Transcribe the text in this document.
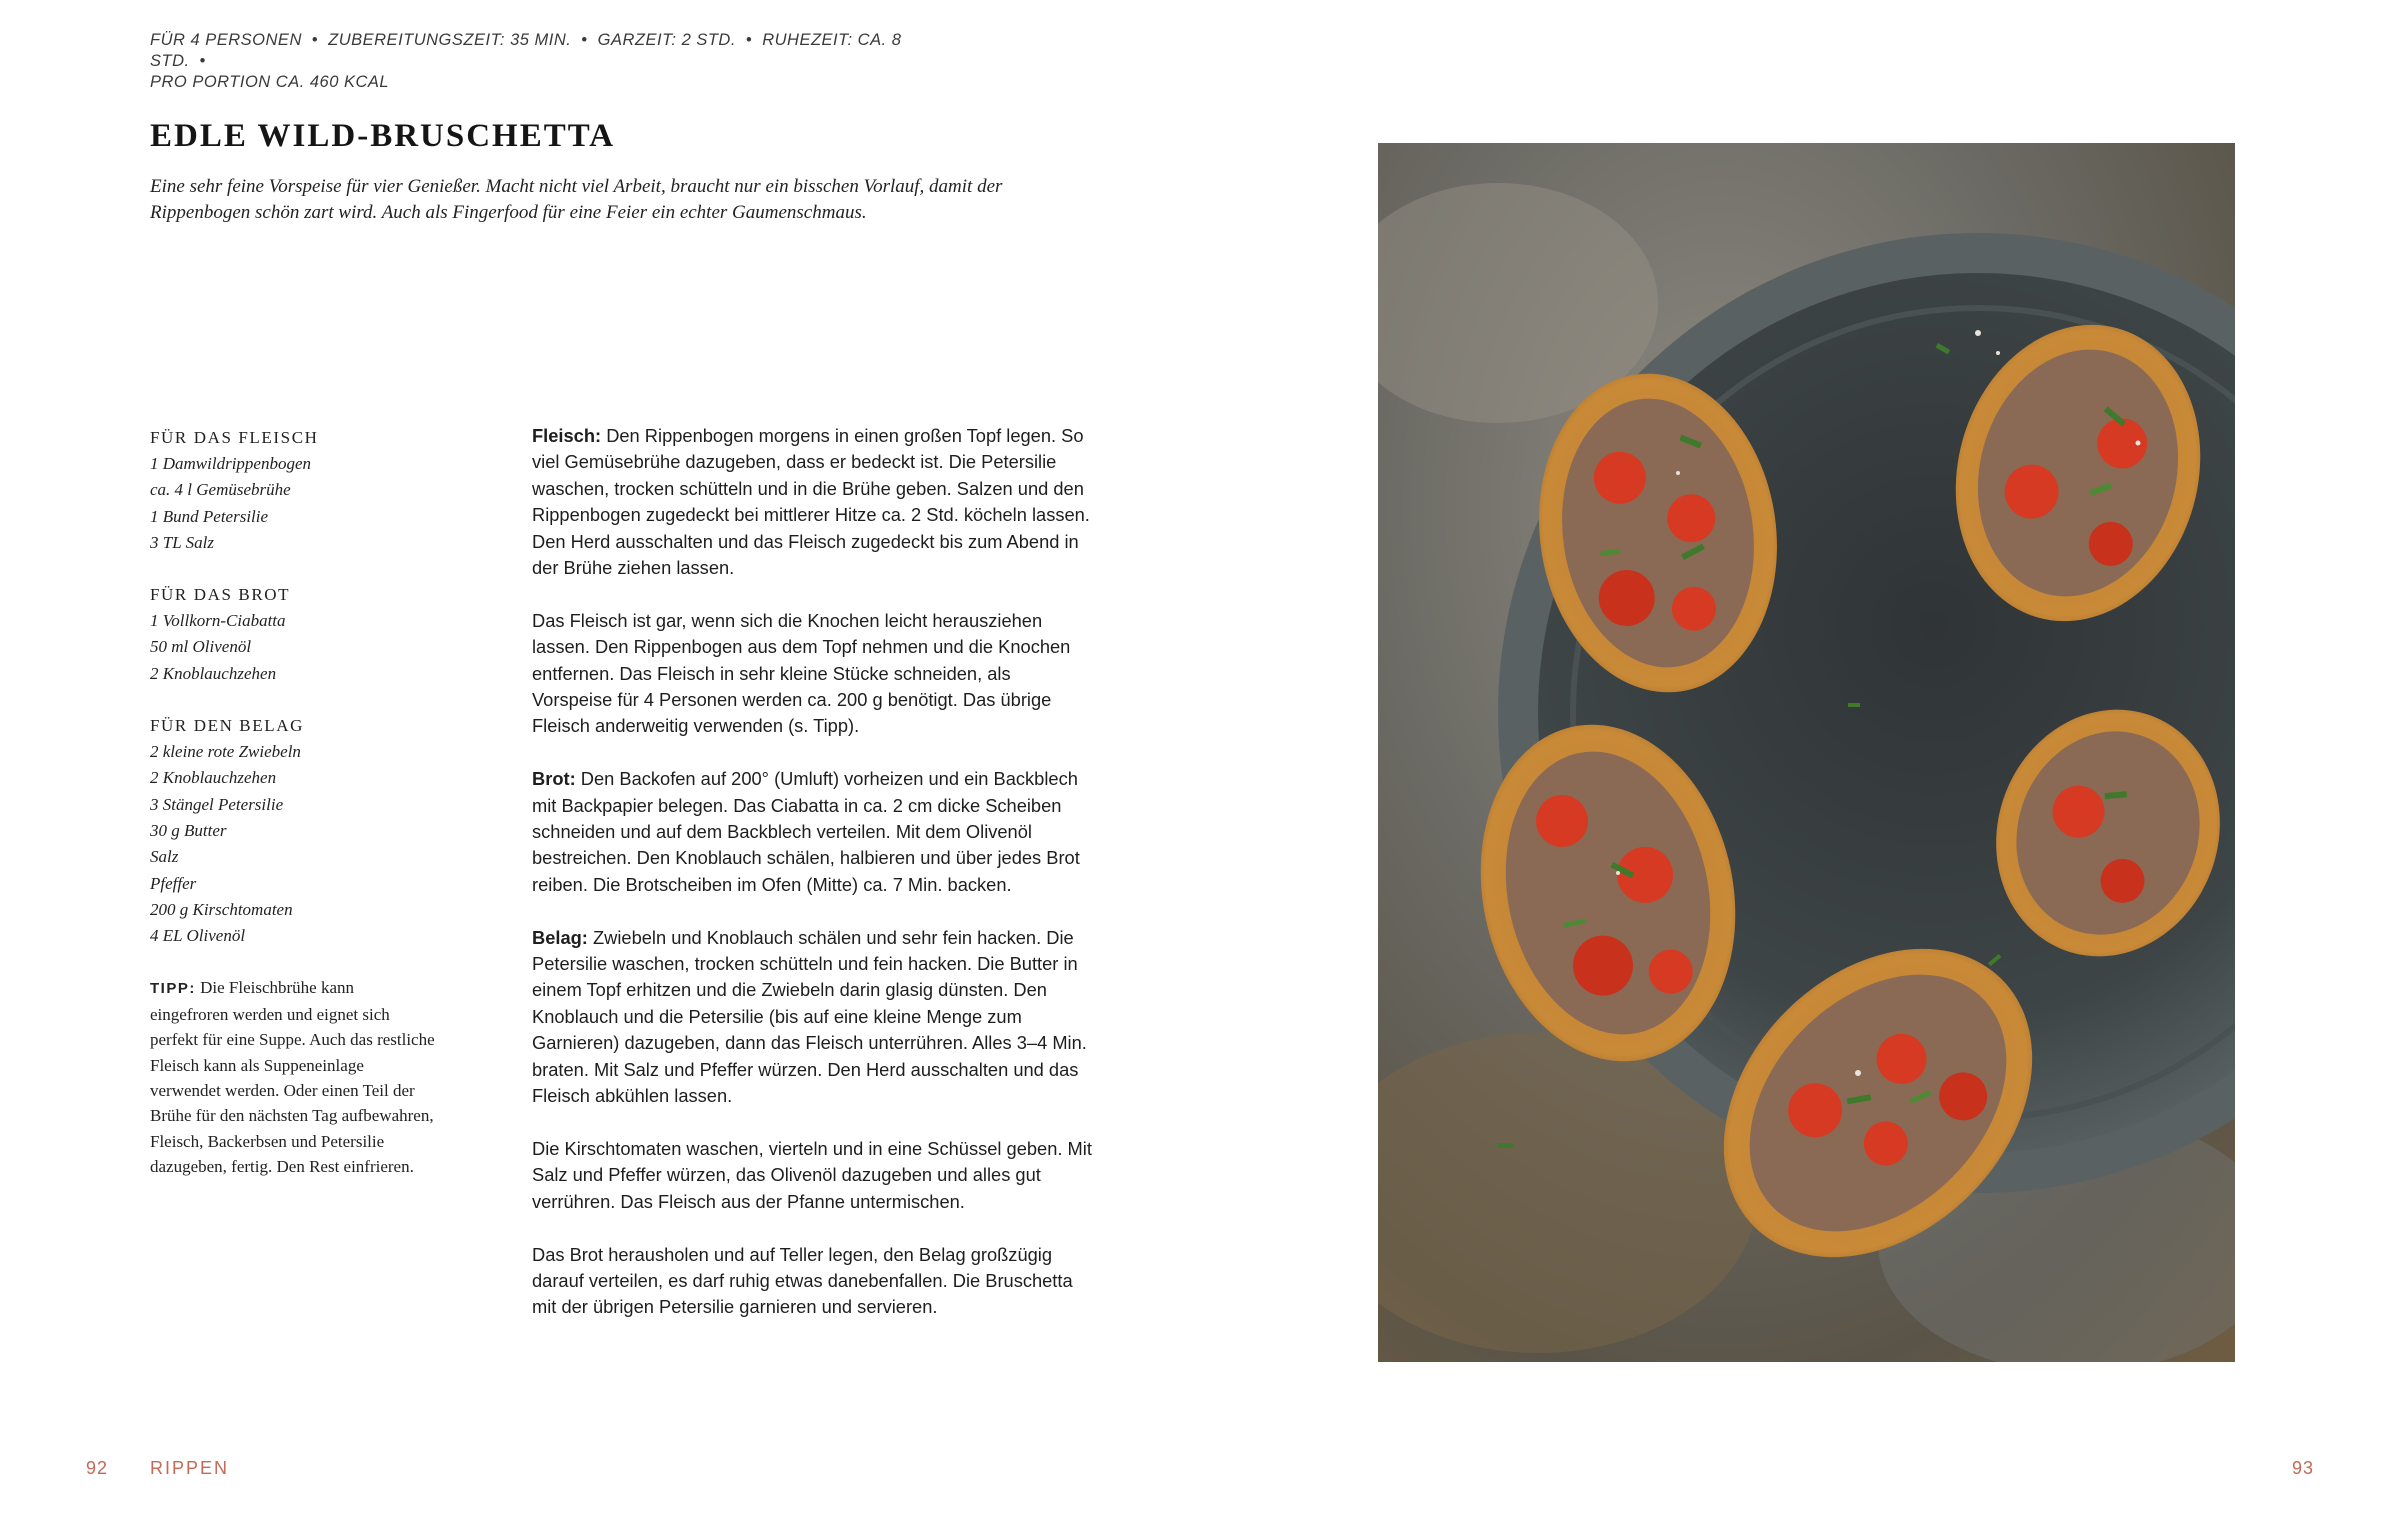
FÜR 4 PERSONEN • ZUBEREITUNGSZEIT: 35 MIN. • GARZEIT: 2 STD. • RUHEZEIT: CA. 8 STD. •
PRO PORTION CA. 460 KCAL
EDLE WILD-BRUSCHETTA

Eine sehr feine Vorspeise für vier Genießer. Macht nicht viel Arbeit, braucht nur ein bisschen Vorlauf, damit der Rippenbogen schön zart wird. Auch als Fingerfood für eine Feier ein echter Gaumenschmaus.

FÜR DAS FLEISCH
1 Damwildrippenbogen
ca. 4 l Gemüsebrühe
1 Bund Petersilie
3 TL Salz
FÜR DAS BROT
1 Vollkorn-Ciabatta
50 ml Olivenöl
2 Knoblauchzehen
FÜR DEN BELAG
2 kleine rote Zwiebeln
2 Knoblauchzehen
3 Stängel Petersilie
30 g Butter
Salz
Pfeffer
200 g Kirschtomaten
4 EL Olivenöl

TIPP: Die Fleischbrühe kann eingefroren werden und eignet sich perfekt für eine Suppe. Auch das restliche Fleisch kann als Suppeneinlage verwendet werden. Oder einen Teil der Brühe für den nächsten Tag aufbewahren, Fleisch, Backerbsen und Petersilie dazugeben, fertig. Den Rest einfrieren.

Fleisch: Den Rippenbogen morgens in einen großen Topf legen. So viel Gemüsebrühe dazugeben, dass er bedeckt ist. Die Petersilie waschen, trocken schütteln und in die Brühe geben. Salzen und den Rippenbogen zugedeckt bei mittlerer Hitze ca. 2 Std. köcheln lassen. Den Herd ausschalten und das Fleisch zugedeckt bis zum Abend in der Brühe ziehen lassen.

Das Fleisch ist gar, wenn sich die Knochen leicht herausziehen lassen. Den Rippenbogen aus dem Topf nehmen und die Knochen entfernen. Das Fleisch in sehr kleine Stücke schneiden, als Vorspeise für 4 Personen werden ca. 200 g benötigt. Das übrige Fleisch anderweitig verwenden (s. Tipp).

Brot: Den Backofen auf 200° (Umluft) vorheizen und ein Backblech mit Backpapier belegen. Das Ciabatta in ca. 2 cm dicke Scheiben schneiden und auf dem Backblech verteilen. Mit dem Olivenöl bestreichen. Den Knoblauch schälen, halbieren und über jedes Brot reiben. Die Brotscheiben im Ofen (Mitte) ca. 7 Min. backen.

Belag: Zwiebeln und Knoblauch schälen und sehr fein hacken. Die Petersilie waschen, trocken schütteln und fein hacken. Die Butter in einem Topf erhitzen und die Zwiebeln darin glasig dünsten. Den Knoblauch und die Petersilie (bis auf eine kleine Menge zum Garnieren) dazugeben, dann das Fleisch unterrühren. Alles 3–4 Min. braten. Mit Salz und Pfeffer würzen. Den Herd ausschalten und das Fleisch abkühlen lassen.

Die Kirschtomaten waschen, vierteln und in eine Schüssel geben. Mit Salz und Pfeffer würzen, das Olivenöl dazugeben und alles gut verrühren. Das Fleisch aus der Pfanne untermischen.

Das Brot herausholen und auf Teller legen, den Belag großzügig darauf verteilen, es darf ruhig etwas danebenfallen. Die Bruschetta mit der übrigen Petersilie garnieren und servieren.

92 RIPPEN	93
